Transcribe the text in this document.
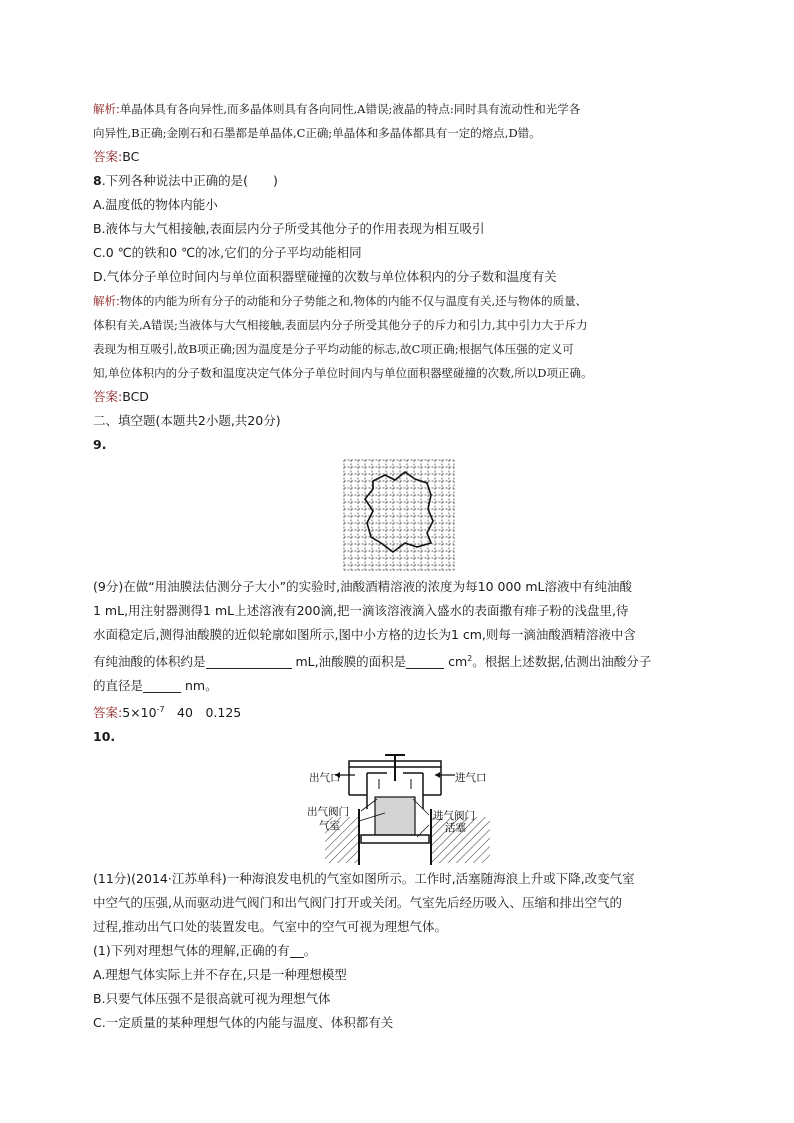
解析:单晶体具有各向异性,而多晶体则具有各向同性,A错误;液晶的特点:同时具有流动性和光学各
向异性,B正确;金刚石和石墨都是单晶体,C正确;单晶体和多晶体都具有一定的熔点,D错。
答案:BC
8.下列各种说法中正确的是(　　)
A.温度低的物体内能小
B.液体与大气相接触,表面层内分子所受其他分子的作用表现为相互吸引
C.0 ℃的铁和0 ℃的冰,它们的分子平均动能相同
D.气体分子单位时间内与单位面积器壁碰撞的次数与单位体积内的分子数和温度有关
解析:物体的内能为所有分子的动能和分子势能之和,物体的内能不仅与温度有关,还与物体的质量、
体积有关,A错误;当液体与大气相接触,表面层内分子所受其他分子的斥力和引力,其中引力大于斥力
表现为相互吸引,故B项正确;因为温度是分子平均动能的标志,故C项正确;根据气体压强的定义可
知,单位体积内的分子数和温度决定气体分子单位时间内与单位面积器壁碰撞的次数,所以D项正确。
答案:BCD
二、填空题(本题共2小题,共20分)
9.
(9分)在做“用油膜法估测分子大小”的实验时,油酸酒精溶液的浓度为每10 000 mL溶液中有纯油酸
1 mL,用注射器测得1 mL上述溶液有200滴,把一滴该溶液滴入盛水的表面撒有痱子粉的浅盘里,待
水面稳定后,测得油酸膜的近似轮廓如图所示,图中小方格的边长为1 cm,则每一滴油酸酒精溶液中含
有纯油酸的体积约是	mL,油酸膜的面积是	$cm^2$。根据上述数据,估测出油酸分子
的直径是	nm。
答案$:5\times 10^{-7}$　40　0.125
10.
出气口	进气口
出气阀门
气室
进气阀门
活塞
(11分)(2014·江苏单科)一种海浪发电机的气室如图所示。工作时,活塞随海浪上升或下降,改变气室
中空气的压强,从而驱动进气阀门和出气阀门打开或关闭。气室先后经历吸入、压缩和排出空气的
过程,推动出气口处的装置发电。气室中的空气可视为理想气体。
(1)下列对理想气体的理解,正确的有 。
A.理想气体实际上并不存在,只是一种理想模型
B.只要气体压强不是很高就可视为理想气体
C.一定质量的某种理想气体的内能与温度、体积都有关
